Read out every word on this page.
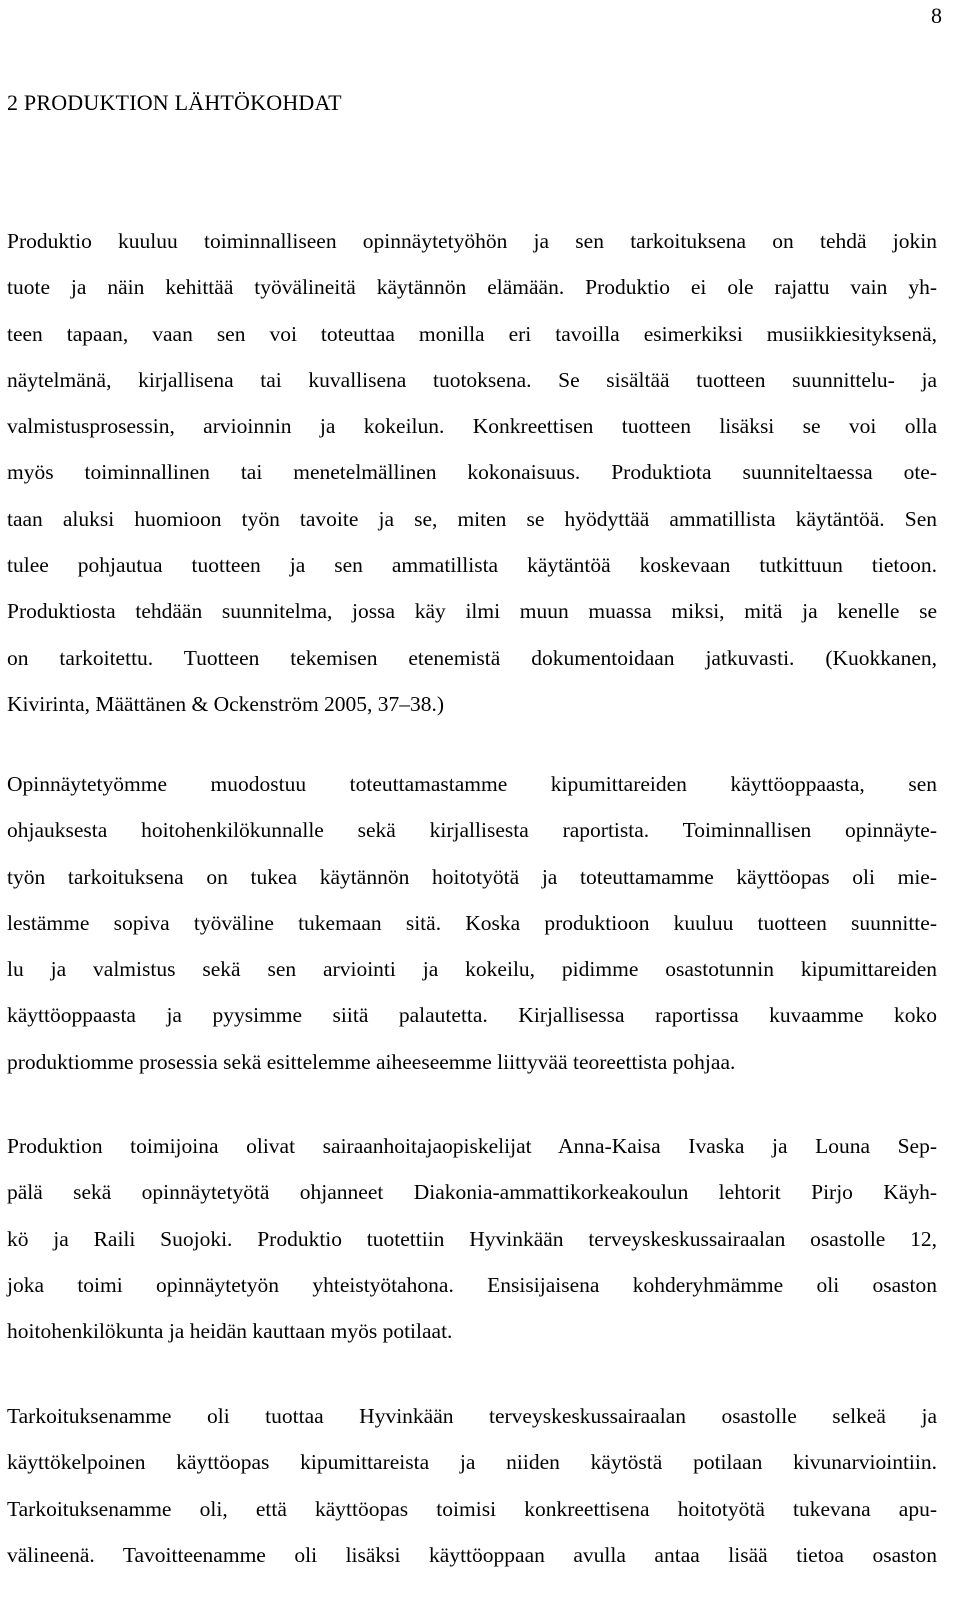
8
2 PRODUKTION LÄHTÖKOHDAT
Produktio kuuluu toiminnalliseen opinnäytetyöhön ja sen tarkoituksena on tehdä jokin
tuote ja näin kehittää työvälineitä käytännön elämään. Produktio ei ole rajattu vain yh-
teen tapaan, vaan sen voi toteuttaa monilla eri tavoilla esimerkiksi musiikkiesityksenä,
näytelmänä, kirjallisena tai kuvallisena tuotoksena. Se sisältää tuotteen suunnittelu- ja
valmistusprosessin, arvioinnin ja kokeilun. Konkreettisen tuotteen lisäksi se voi olla
myös toiminnallinen tai menetelmällinen kokonaisuus. Produktiota suunniteltaessa ote-
taan aluksi huomioon työn tavoite ja se, miten se hyödyttää ammatillista käytäntöä. Sen
tulee pohjautua tuotteen ja sen ammatillista käytäntöä koskevaan tutkittuun tietoon.
Produktiosta tehdään suunnitelma, jossa käy ilmi muun muassa miksi, mitä ja kenelle se
on tarkoitettu. Tuotteen tekemisen etenemistä dokumentoidaan jatkuvasti. (Kuokkanen,
Kivirinta, Määttänen & Ockenström 2005, 37–38.)
Opinnäytetyömme muodostuu toteuttamastamme kipumittareiden käyttöoppaasta, sen
ohjauksesta hoitohenkilökunnalle sekä kirjallisesta raportista. Toiminnallisen opinnäyte-
työn tarkoituksena on tukea käytännön hoitotyötä ja toteuttamamme käyttöopas oli mie-
lestämme sopiva työväline tukemaan sitä. Koska produktioon kuuluu tuotteen suunnitte-
lu ja valmistus sekä sen arviointi ja kokeilu, pidimme osastotunnin kipumittareiden
käyttöoppaasta ja pyysimme siitä palautetta. Kirjallisessa raportissa kuvaamme koko
produktiomme prosessia sekä esittelemme aiheeseemme liittyvää teoreettista pohjaa.
Produktion toimijoina olivat sairaanhoitajaopiskelijat Anna-Kaisa Ivaska ja Louna Sep-
pälä sekä opinnäytetyötä ohjanneet Diakonia-ammattikorkeakoulun lehtorit Pirjo Käyh-
kö ja Raili Suojoki. Produktio tuotettiin Hyvinkään terveyskeskussairaalan osastolle 12,
joka toimi opinnäytetyön yhteistyötahona. Ensisijaisena kohderyhmämme oli osaston
hoitohenkilökunta ja heidän kauttaan myös potilaat.
Tarkoituksenamme oli tuottaa Hyvinkään terveyskeskussairaalan osastolle selkeä ja
käyttökelpoinen käyttöopas kipumittareista ja niiden käytöstä potilaan kivunarviointiin.
Tarkoituksenamme oli, että käyttöopas toimisi konkreettisena hoitotyötä tukevana apu-
välineenä. Tavoitteenamme oli lisäksi käyttöoppaan avulla antaa lisää tietoa osaston
